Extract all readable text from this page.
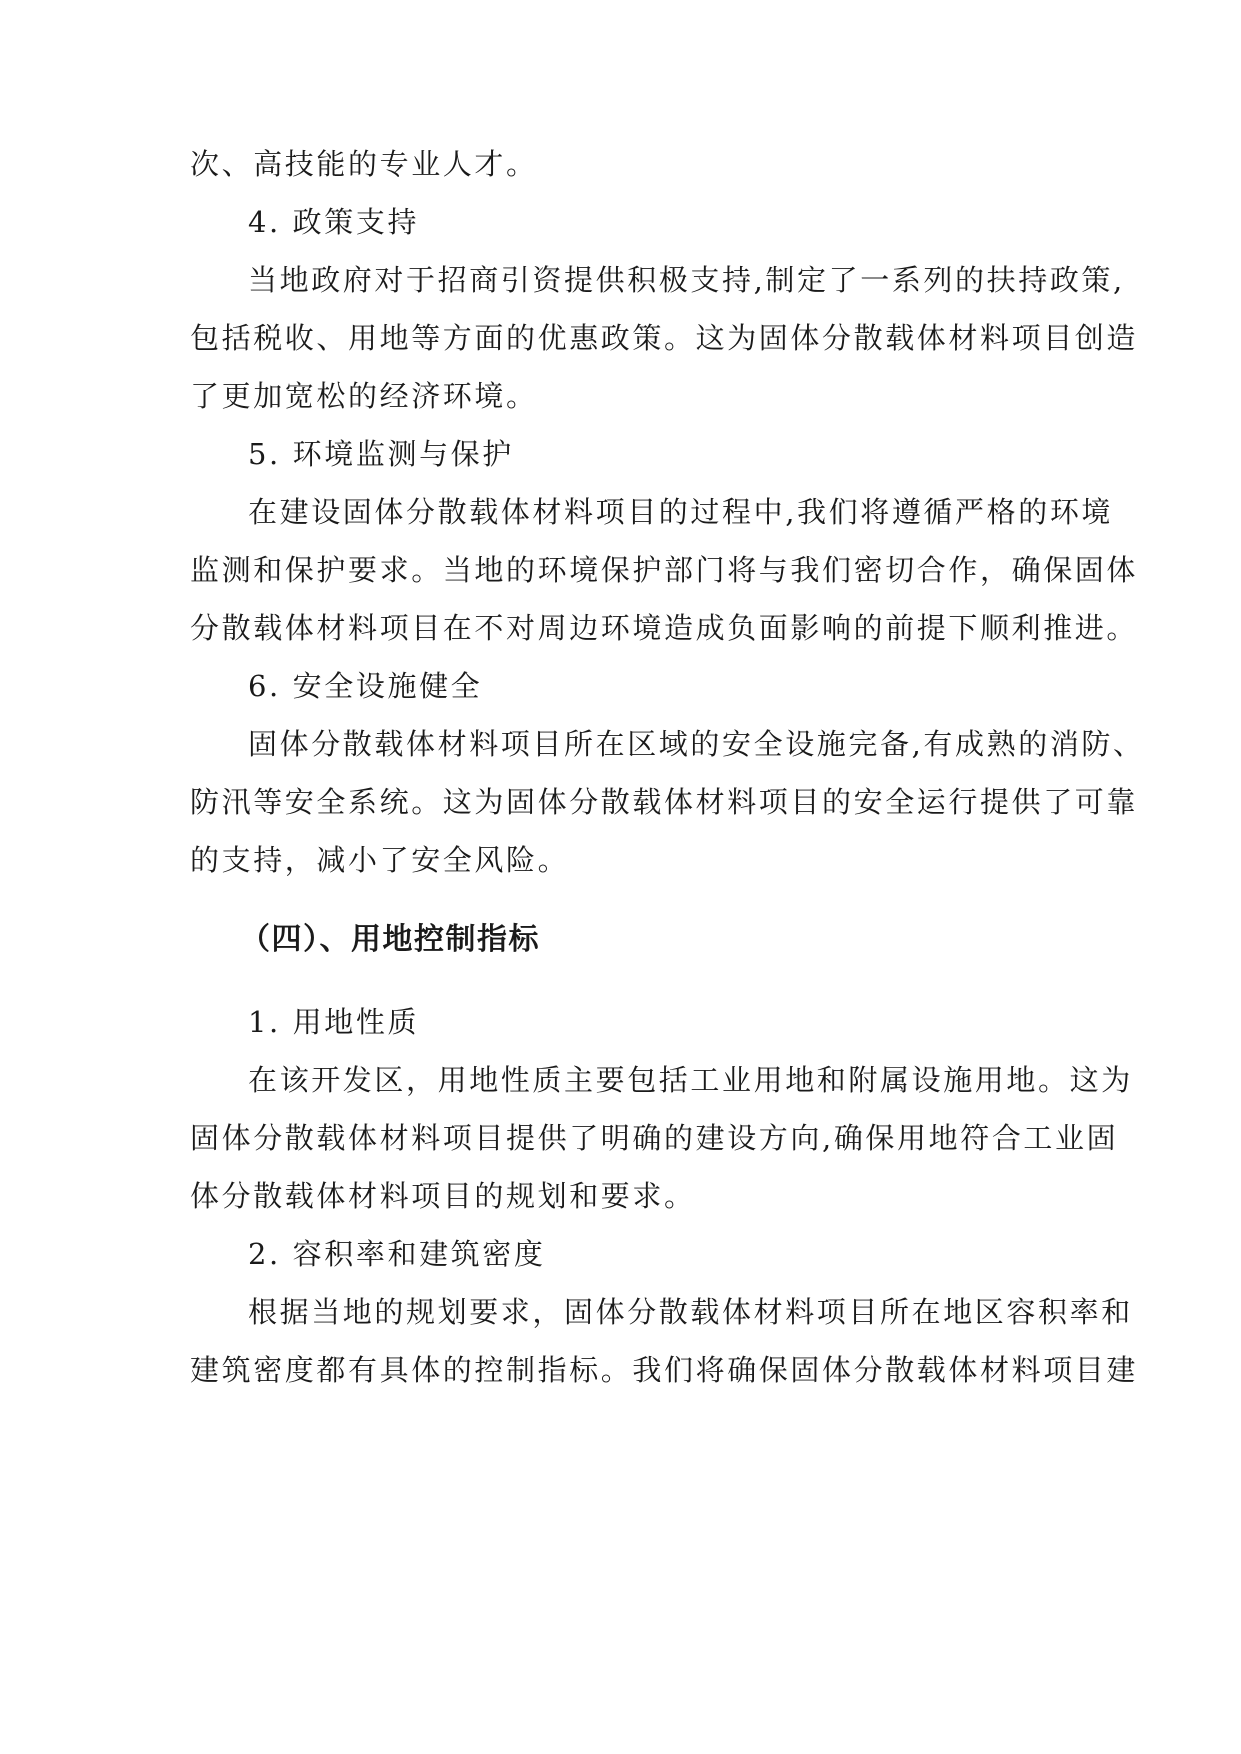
次、高技能的专业人才。
4. 政策支持
当地政府对于招商引资提供积极支持,制定了一系列的扶持政策,
包括税收、用地等方面的优惠政策。这为固体分散载体材料项目创造
了更加宽松的经济环境。
5. 环境监测与保护
在建设固体分散载体材料项目的过程中,我们将遵循严格的环境
监测和保护要求。当地的环境保护部门将与我们密切合作，确保固体
分散载体材料项目在不对周边环境造成负面影响的前提下顺利推进。
6. 安全设施健全
固体分散载体材料项目所在区域的安全设施完备,有成熟的消防、
防汛等安全系统。这为固体分散载体材料项目的安全运行提供了可靠
的支持，减小了安全风险。
（四）、用地控制指标
1. 用地性质
在该开发区，用地性质主要包括工业用地和附属设施用地。这为
固体分散载体材料项目提供了明确的建设方向,确保用地符合工业固
体分散载体材料项目的规划和要求。
2. 容积率和建筑密度
根据当地的规划要求，固体分散载体材料项目所在地区容积率和
建筑密度都有具体的控制指标。我们将确保固体分散载体材料项目建
